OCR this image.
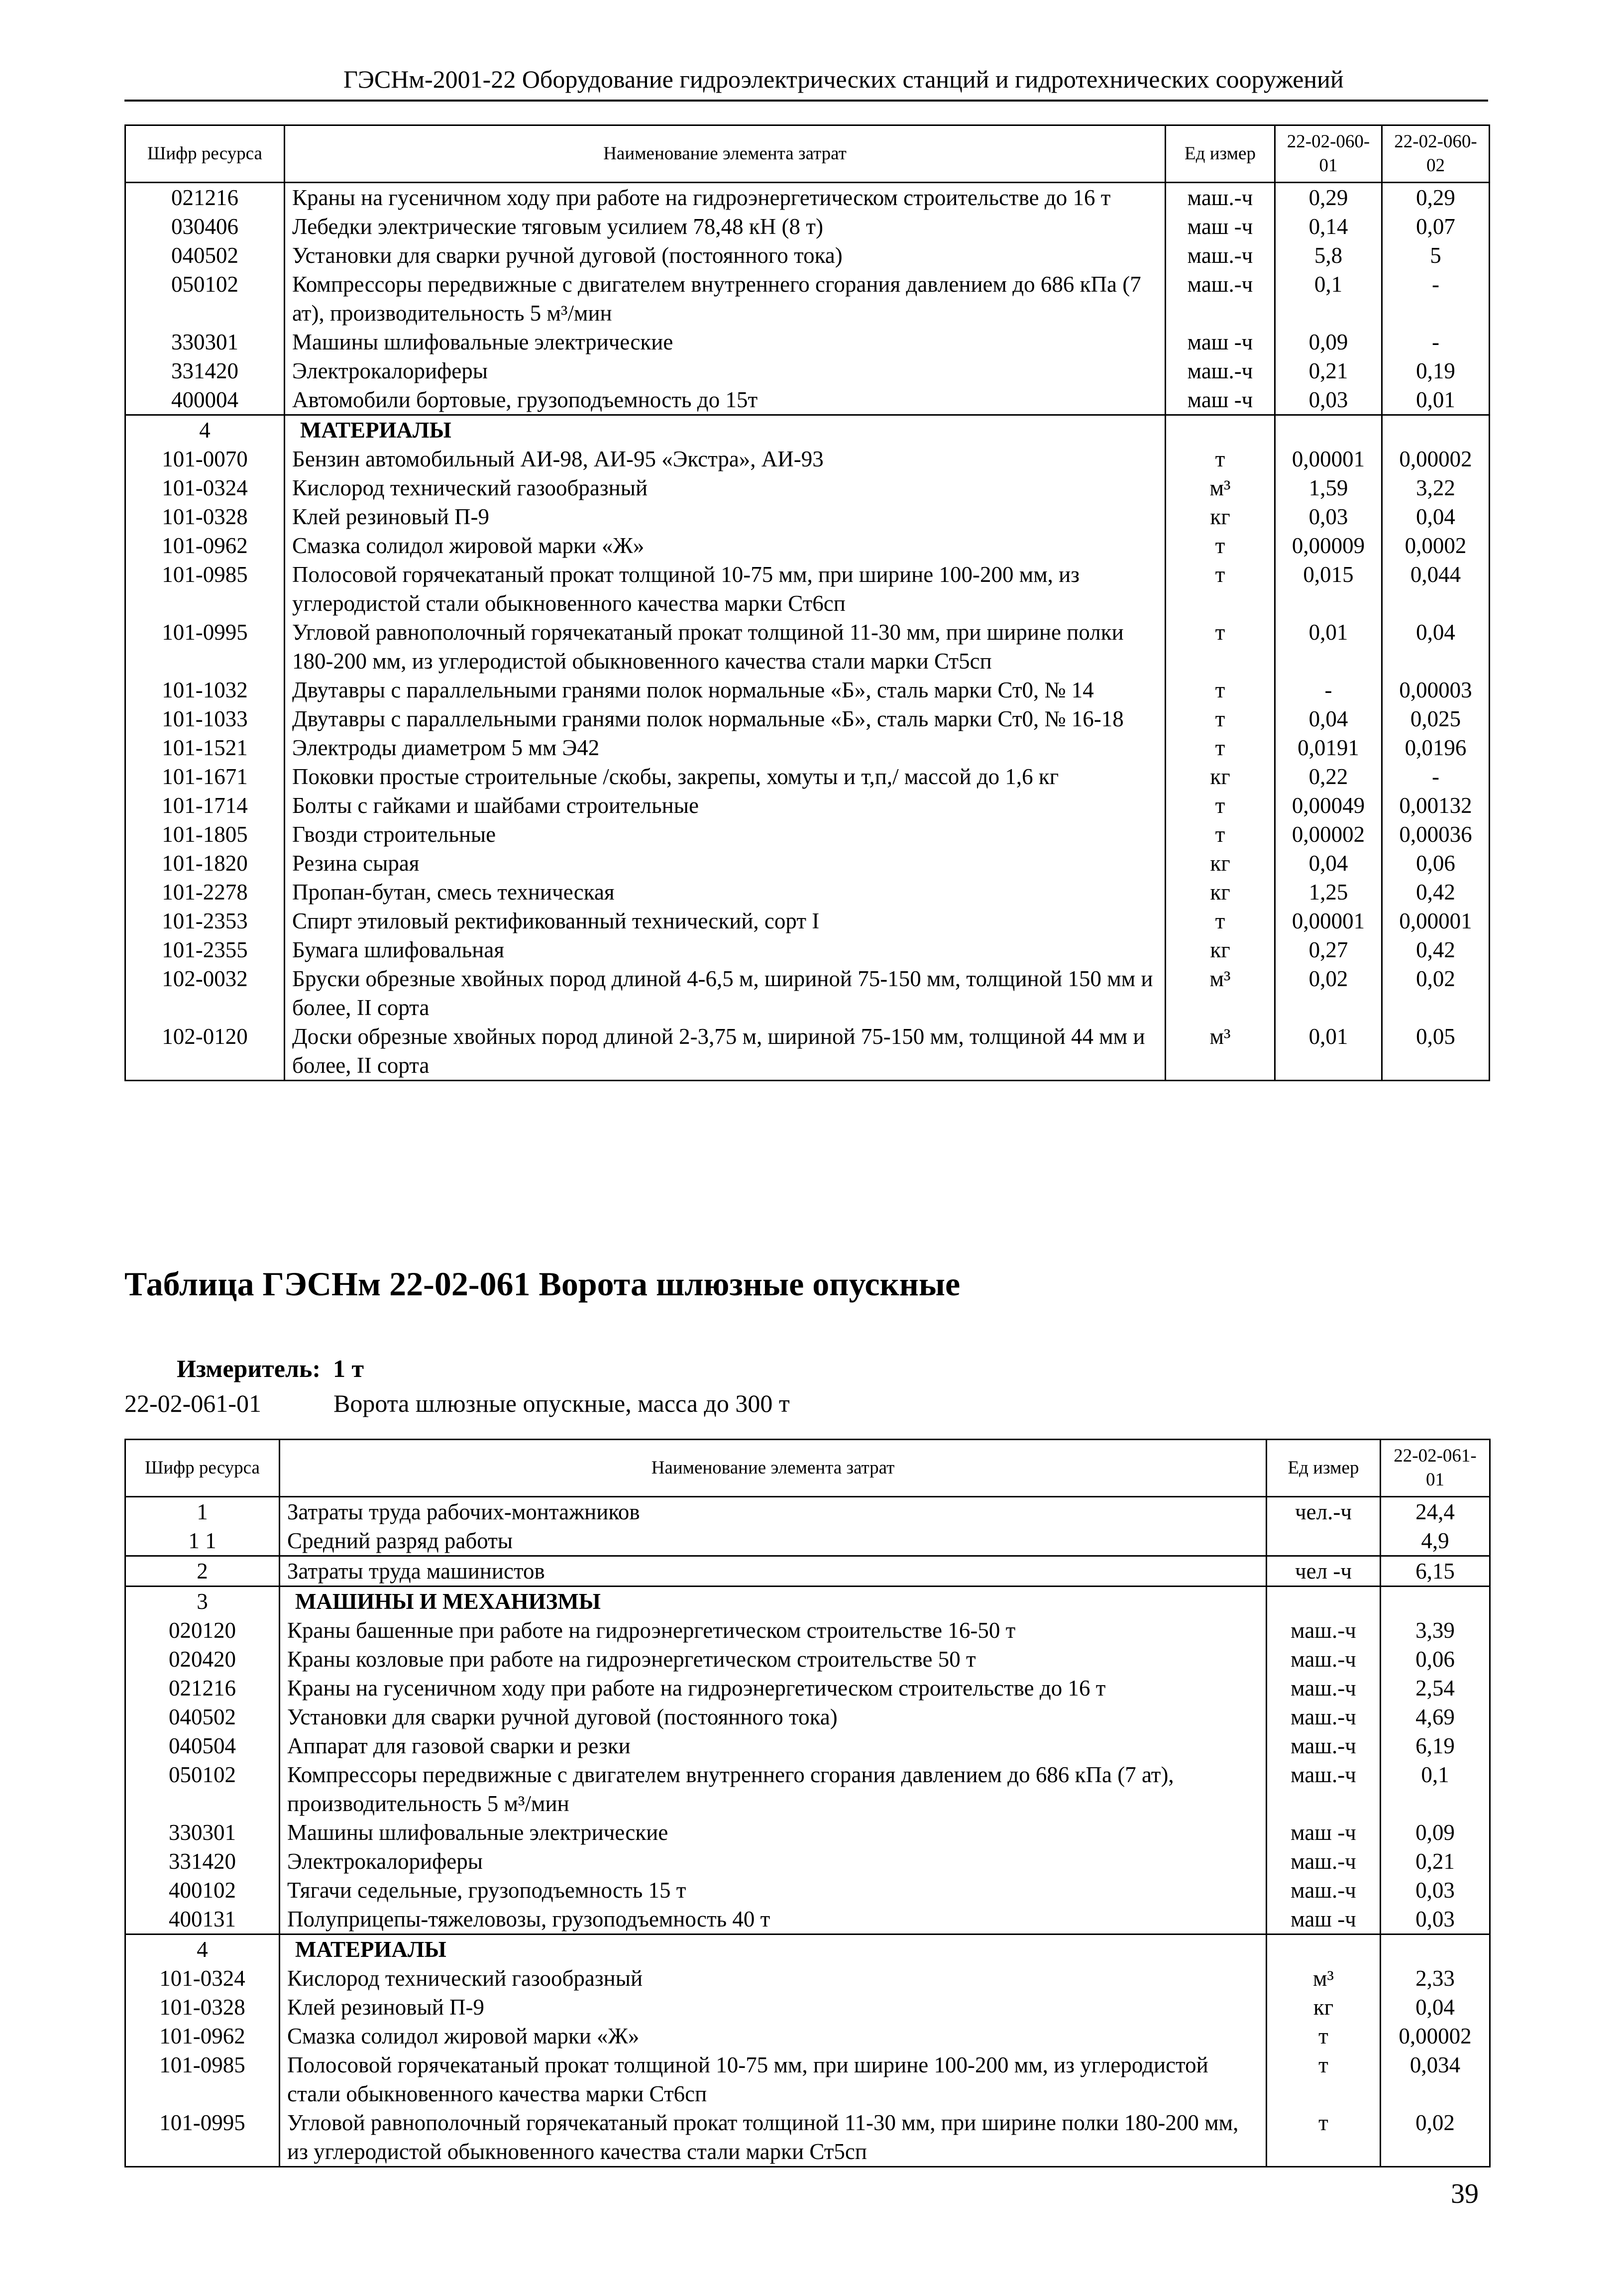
ГЭСНм-2001-22 Оборудование гидроэлектрических станций и гидротехнических сооружений
Шифр ресурса	Наименование элемента затрат	Ед измер	22-02-060-01	22-02-060-02
021216	Краны на гусеничном ходу при работе на гидроэнергетическом строительстве до 16 т	маш.-ч	0,29	0,29
030406	Лебедки электрические тяговым усилием 78,48 кН (8 т)	маш -ч	0,14	0,07
040502	Установки для сварки ручной дуговой (постоянного тока)	маш.-ч	5,8	5
050102	Компрессоры передвижные с двигателем внутреннего сгорания давлением до 686 кПа (7 ат), производительность 5 м³/мин	маш.-ч	0,1	-
330301	Машины шлифовальные электрические	маш -ч	0,09	-
331420	Электрокалориферы	маш.-ч	0,21	0,19
400004	Автомобили бортовые, грузоподъемность до 15т	маш -ч	0,03	0,01
4	МАТЕРИАЛЫ			
101-0070	Бензин автомобильный АИ-98, АИ-95 «Экстра», АИ-93	т	0,00001	0,00002
101-0324	Кислород технический газообразный	м³	1,59	3,22
101-0328	Клей резиновый П-9	кг	0,03	0,04
101-0962	Смазка солидол жировой марки «Ж»	т	0,00009	0,0002
101-0985	Полосовой горячекатаный прокат толщиной 10-75 мм, при ширине 100-200 мм, из углеродистой стали обыкновенного качества марки Ст6сп	т	0,015	0,044
101-0995	Угловой равнополочный горячекатаный прокат толщиной 11-30 мм, при ширине полки 180-200 мм, из углеродистой обыкновенного качества стали марки Ст5сп	т	0,01	0,04
101-1032	Двутавры с параллельными гранями полок нормальные «Б», сталь марки Ст0, № 14	т	-	0,00003
101-1033	Двутавры с параллельными гранями полок нормальные «Б», сталь марки Ст0, № 16-18	т	0,04	0,025
101-1521	Электроды диаметром 5 мм Э42	т	0,0191	0,0196
101-1671	Поковки простые строительные /скобы, закрепы, хомуты и т,п,/ массой до 1,6 кг	кг	0,22	-
101-1714	Болты с гайками и шайбами строительные	т	0,00049	0,00132
101-1805	Гвозди строительные	т	0,00002	0,00036
101-1820	Резина сырая	кг	0,04	0,06
101-2278	Пропан-бутан, смесь техническая	кг	1,25	0,42
101-2353	Спирт этиловый ректификованный технический, сорт I	т	0,00001	0,00001
101-2355	Бумага шлифовальная	кг	0,27	0,42
102-0032	Бруски обрезные хвойных пород длиной 4-6,5 м, шириной 75-150 мм, толщиной 150 мм и более, II сорта	м³	0,02	0,02
102-0120	Доски обрезные хвойных пород длиной 2-3,75 м, шириной 75-150 мм, толщиной 44 мм и более, II сорта	м³	0,01	0,05
Таблица ГЭСНм 22-02-061 Ворота шлюзные опускные
Измеритель: 1 т
22-02-061-01	Ворота шлюзные опускные, масса до 300 т
Шифр ресурса	Наименование элемента затрат	Ед измер	22-02-061-01
1	Затраты труда рабочих-монтажников	чел.-ч	24,4
1 1	Средний разряд работы		4,9
2	Затраты труда машинистов	чел -ч	6,15
3	МАШИНЫ И МЕХАНИЗМЫ		
020120	Краны башенные при работе на гидроэнергетическом строительстве 16-50 т	маш.-ч	3,39
020420	Краны козловые при работе на гидроэнергетическом строительстве 50 т	маш.-ч	0,06
021216	Краны на гусеничном ходу при работе на гидроэнергетическом строительстве до 16 т	маш.-ч	2,54
040502	Установки для сварки ручной дуговой (постоянного тока)	маш.-ч	4,69
040504	Аппарат для газовой сварки и резки	маш.-ч	6,19
050102	Компрессоры передвижные с двигателем внутреннего сгорания давлением до 686 кПа (7 ат), производительность 5 м³/мин	маш.-ч	0,1
330301	Машины шлифовальные электрические	маш -ч	0,09
331420	Электрокалориферы	маш.-ч	0,21
400102	Тягачи седельные, грузоподъемность 15 т	маш.-ч	0,03
400131	Полуприцепы-тяжеловозы, грузоподъемность 40 т	маш -ч	0,03
4	МАТЕРИАЛЫ		
101-0324	Кислород технический газообразный	м³	2,33
101-0328	Клей резиновый П-9	кг	0,04
101-0962	Смазка солидол жировой марки «Ж»	т	0,00002
101-0985	Полосовой горячекатаный прокат толщиной 10-75 мм, при ширине 100-200 мм, из углеродистой стали обыкновенного качества марки Ст6сп	т	0,034
101-0995	Угловой равнополочный горячекатаный прокат толщиной 11-30 мм, при ширине полки 180-200 мм, из углеродистой обыкновенного качества стали марки Ст5сп	т	0,02
39
